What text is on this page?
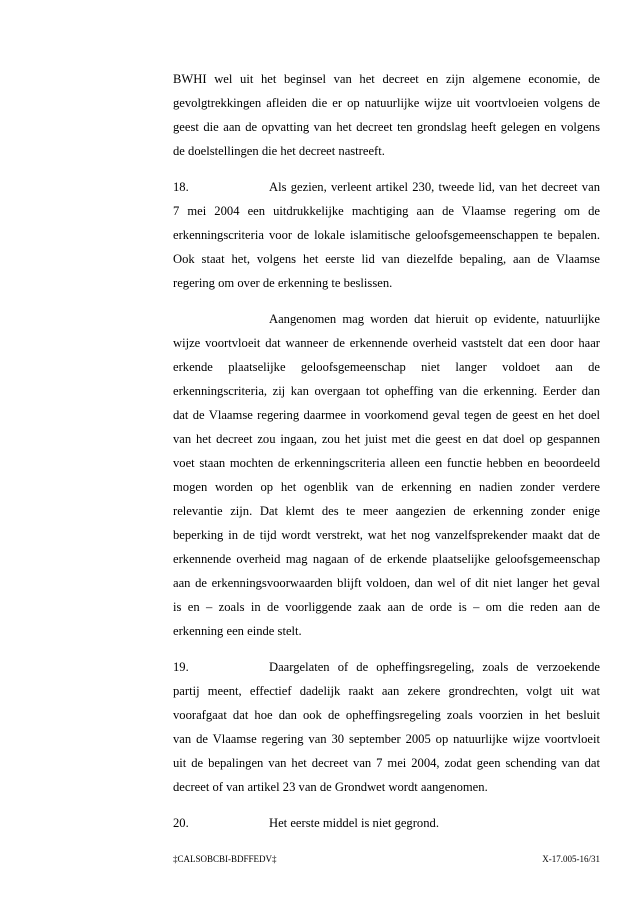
BWHI wel uit het beginsel van het decreet en zijn algemene economie, de
gevolgtrekkingen afleiden die er op natuurlijke wijze uit voortvloeien volgens de
geest die aan de opvatting van het decreet ten grondslag heeft gelegen en volgens
de doelstellingen die het decreet nastreeft.
18.	Als gezien, verleent artikel 230, tweede lid, van het decreet van
7 mei 2004 een uitdrukkelijke machtiging aan de Vlaamse regering om de
erkenningscriteria voor de lokale islamitische geloofsgemeenschappen te bepalen.
Ook staat het, volgens het eerste lid van diezelfde bepaling, aan de Vlaamse
regering om over de erkenning te beslissen.
Aangenomen mag worden dat hieruit op evidente, natuurlijke
wijze voortvloeit dat wanneer de erkennende overheid vaststelt dat een door haar
erkende plaatselijke geloofsgemeenschap niet langer voldoet aan de
erkenningscriteria, zij kan overgaan tot opheffing van die erkenning. Eerder dan
dat de Vlaamse regering daarmee in voorkomend geval tegen de geest en het doel
van het decreet zou ingaan, zou het juist met die geest en dat doel op gespannen
voet staan mochten de erkenningscriteria alleen een functie hebben en beoordeeld
mogen worden op het ogenblik van de erkenning en nadien zonder verdere
relevantie zijn. Dat klemt des te meer aangezien de erkenning zonder enige
beperking in de tijd wordt verstrekt, wat het nog vanzelfsprekender maakt dat de
erkennende overheid mag nagaan of de erkende plaatselijke geloofsgemeenschap
aan de erkenningsvoorwaarden blijft voldoen, dan wel of dit niet langer het geval
is en – zoals in de voorliggende zaak aan de orde is – om die reden aan de
erkenning een einde stelt.
19.	Daargelaten of de opheffingsregeling, zoals de verzoekende
partij meent, effectief dadelijk raakt aan zekere grondrechten, volgt uit wat
voorafgaat dat hoe dan ook de opheffingsregeling zoals voorzien in het besluit
van de Vlaamse regering van 30 september 2005 op natuurlijke wijze voortvloeit
uit de bepalingen van het decreet van 7 mei 2004, zodat geen schending van dat
decreet of van artikel 23 van de Grondwet wordt aangenomen.
20.	Het eerste middel is niet gegrond.
‡CALSOBCBI-BDFFEDV‡	X-17.005-16/31
